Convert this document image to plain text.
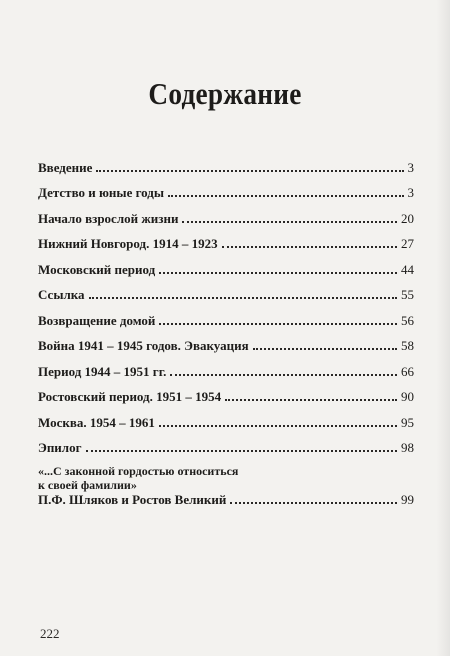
Содержание
Введение	3
Детство и юные годы	3
Начало взрослой жизни	20
Нижний Новгород. 1914 – 1923	27
Московский период	44
Ссылка	55
Возвращение домой	56
Война 1941 – 1945 годов. Эвакуация	58
Период 1944 – 1951 гг.	66
Ростовский период. 1951 – 1954	90
Москва. 1954 – 1961	95
Эпилог	98
«...С законной гордостью относиться
к своей фамилии»
П.Ф. Шляков и Ростов Великий	99
222
